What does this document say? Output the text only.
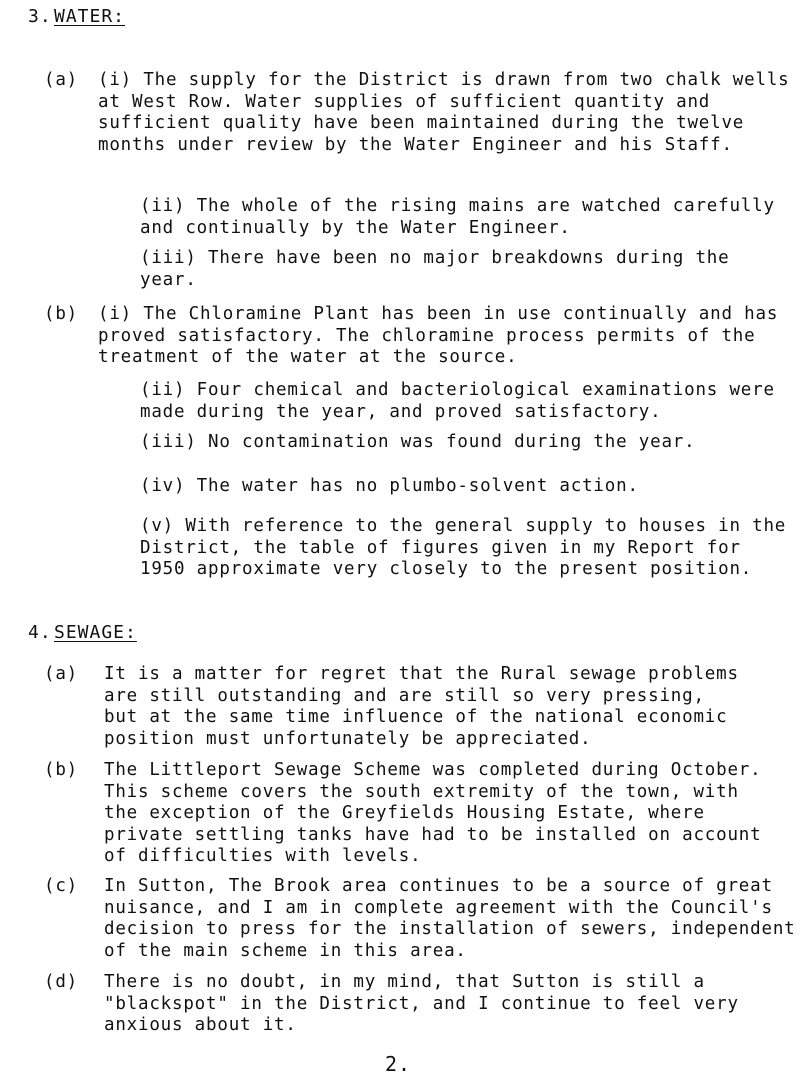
3. WATER:
(a)	(i) The supply for the District is drawn from two chalk wells at West Row. Water supplies of sufficient quantity and sufficient quality have been maintained during the twelve months under review by the Water Engineer and his Staff.
(ii) The whole of the rising mains are watched carefully and continually by the Water Engineer.
(iii) There have been no major breakdowns during the year.
(b)	(i) The Chloramine Plant has been in use continually and has proved satisfactory. The chloramine process permits of the treatment of the water at the source.
(ii) Four chemical and bacteriological examinations were made during the year, and proved satisfactory.
(iii) No contamination was found during the year.
(iv) The water has no plumbo-solvent action.
(v) With reference to the general supply to houses in the District, the table of figures given in my Report for 1950 approximate very closely to the present position.
4. SEWAGE:
(a)	It is a matter for regret that the Rural sewage problems are still outstanding and are still so very pressing, but at the same time influence of the national economic position must unfortunately be appreciated.
(b)	The Littleport Sewage Scheme was completed during October. This scheme covers the south extremity of the town, with the exception of the Greyfields Housing Estate, where private settling tanks have had to be installed on account of difficulties with levels.
(c)	In Sutton, The Brook area continues to be a source of great nuisance, and I am in complete agreement with the Council's decision to press for the installation of sewers, independent of the main scheme in this area.
(d)	There is no doubt, in my mind, that Sutton is still a "blackspot" in the District, and I continue to feel very anxious about it.
2.
